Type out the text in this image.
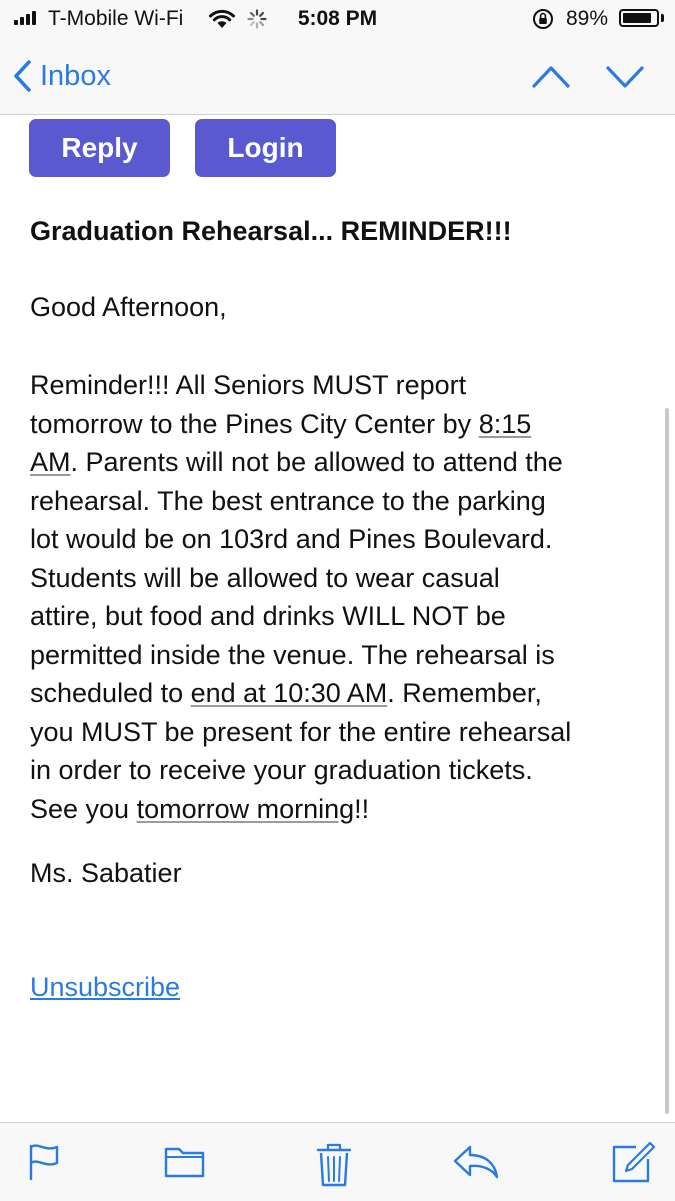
T-Mobile Wi-Fi	5:08 PM	89%
Inbox
Reply	Login
Graduation Rehearsal... REMINDER!!!
Good Afternoon,
Reminder!!! All Seniors MUST report
tomorrow to the Pines City Center by 8:15
AM. Parents will not be allowed to attend the
rehearsal. The best entrance to the parking
lot would be on 103rd and Pines Boulevard.
Students will be allowed to wear casual
attire, but food and drinks WILL NOT be
permitted inside the venue. The rehearsal is
scheduled to end at 10:30 AM. Remember,
you MUST be present for the entire rehearsal
in order to receive your graduation tickets.
See you tomorrow morning!!
Ms. Sabatier
Unsubscribe
